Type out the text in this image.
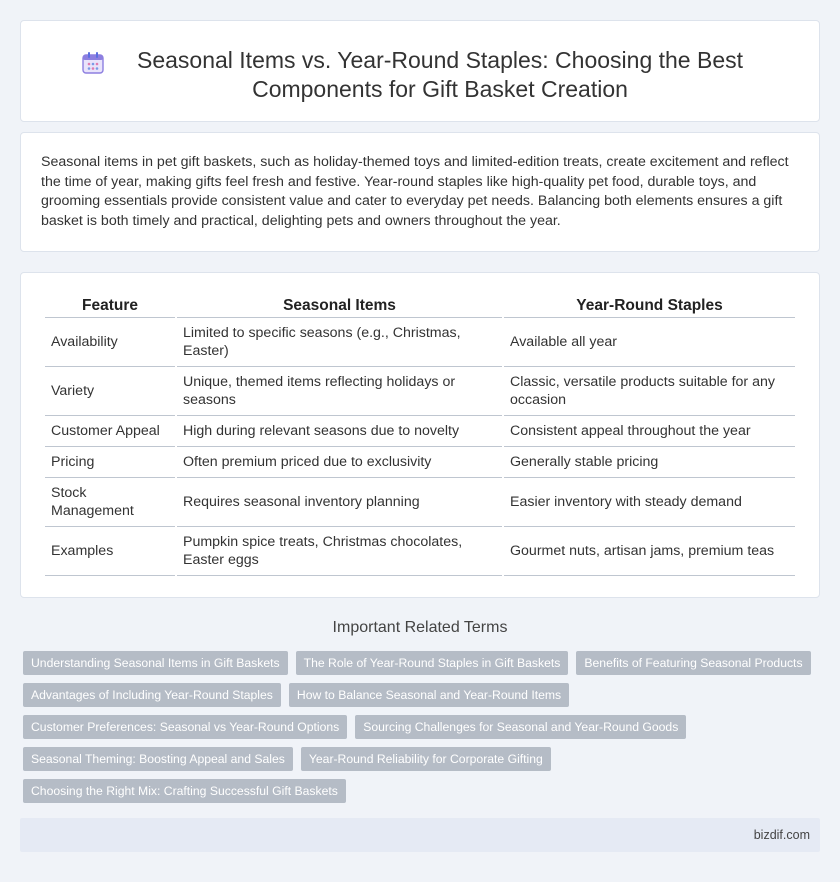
Seasonal Items vs. Year-Round Staples: Choosing the Best Components for Gift Basket Creation

Seasonal items in pet gift baskets, such as holiday-themed toys and limited-edition treats, create excitement and reflect the time of year, making gifts feel fresh and festive. Year-round staples like high-quality pet food, durable toys, and grooming essentials provide consistent value and cater to everyday pet needs. Balancing both elements ensures a gift basket is both timely and practical, delighting pets and owners throughout the year.

Feature	Seasonal Items	Year-Round Staples
Availability	Limited to specific seasons (e.g., Christmas, Easter)	Available all year
Variety	Unique, themed items reflecting holidays or seasons	Classic, versatile products suitable for any occasion
Customer Appeal	High during relevant seasons due to novelty	Consistent appeal throughout the year
Pricing	Often premium priced due to exclusivity	Generally stable pricing
Stock Management	Requires seasonal inventory planning	Easier inventory with steady demand
Examples	Pumpkin spice treats, Christmas chocolates, Easter eggs	Gourmet nuts, artisan jams, premium teas
Important Related Terms
Understanding Seasonal Items in Gift Baskets	The Role of Year-Round Staples in Gift Baskets	Benefits of Featuring Seasonal Products
Advantages of Including Year-Round Staples	How to Balance Seasonal and Year-Round Items
Customer Preferences: Seasonal vs Year-Round Options	Sourcing Challenges for Seasonal and Year-Round Goods
Seasonal Theming: Boosting Appeal and Sales	Year-Round Reliability for Corporate Gifting
Choosing the Right Mix: Crafting Successful Gift Baskets
bizdif.com
